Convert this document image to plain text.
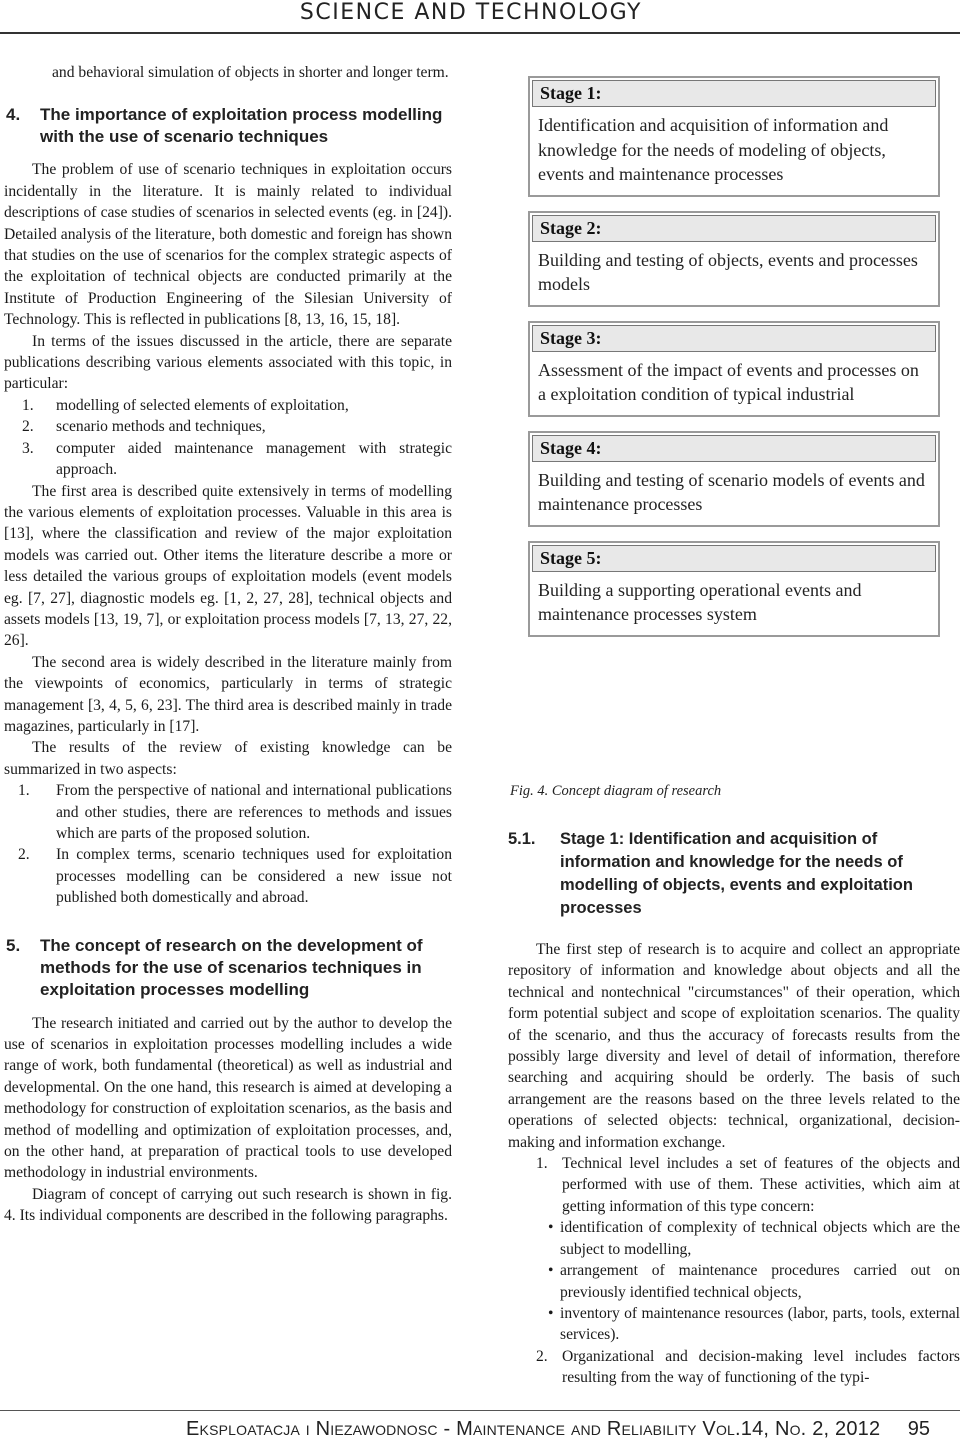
SCIENCE AND TECHNOLOGY

and behavioral simulation of objects in shorter and longer term.

4. The importance of exploitation process modelling with the use of scenario techniques

The problem of use of scenario techniques in exploitation occurs incidentally in the literature. It is mainly related to individual descriptions of case studies of scenarios in selected events (eg. in [24]). Detailed analysis of the literature, both domestic and foreign has shown that studies on the use of scenarios for the complex strategic aspects of the exploitation of technical objects are conducted primarily at the Institute of Production Engineering of the Silesian University of Technology. This is reflected in publications [8, 13, 16, 15, 18].

In terms of the issues discussed in the article, there are separate publications describing various elements associated with this topic, in particular:

1. modelling of selected elements of exploitation,
2. scenario methods and techniques,
3. computer aided maintenance management with strategic approach.

The first area is described quite extensively in terms of modelling the various elements of exploitation processes. Valuable in this area is [13], where the classification and review of the major exploitation models was carried out. Other items the literature describe a more or less detailed the various groups of exploitation models (event models eg. [7, 27], diagnostic models eg. [1, 2, 27, 28], technical objects and assets models [13, 19, 7], or exploitation process models [7, 13, 27, 22, 26].

The second area is widely described in the literature mainly from the viewpoints of economics, particularly in terms of strategic management [3, 4, 5, 6, 23]. The third area is described mainly in trade magazines, particularly in [17].

The results of the review of existing knowledge can be summarized in two aspects:

1. From the perspective of national and international publications and other studies, there are references to methods and issues which are parts of the proposed solution.
2. In complex terms, scenario techniques used for exploitation processes modelling can be considered a new issue not published both domestically and abroad.
5. The concept of research on the development of methods for the use of scenarios techniques in exploitation processes modelling

The research initiated and carried out by the author to develop the use of scenarios in exploitation processes modelling includes a wide range of work, both fundamental (theoretical) as well as industrial and developmental. On the one hand, this research is aimed at developing a methodology for construction of exploitation scenarios, as the basis and method of modelling and optimization of exploitation processes, and, on the other hand, at preparation of practical tools to use developed methodology in industrial environments.

Diagram of concept of carrying out such research is shown in fig. 4. Its individual components are described in the following paragraphs.

Stage 1:
Identification and acquisition of information and knowledge for the needs of modeling of objects, events and maintenance processes
Stage 2:
Building and testing of objects, events and processes models
Stage 3:
Assessment of the impact of events and processes on a exploitation condition of typical industrial
Stage 4:
Building and testing of scenario models of events and maintenance processes
Stage 5:
Building a supporting operational events and maintenance processes system
Fig. 4. Concept diagram of research
5.1. Stage 1: Identification and acquisition of information and knowledge for the needs of modelling of objects, events and exploitation processes

The first step of research is to acquire and collect an appropriate repository of information and knowledge about objects and all the technical and nontechnical "circumstances" of their operation, which form potential subject and scope of exploitation scenarios. The quality of the scenario, and thus the accuracy of forecasts results from the possibly large diversity and level of detail of information, therefore searching and acquiring should be orderly. The basis of such arrangement are the reasons based on the three levels related to the operations of selected objects: technical, organizational, decision-making and information exchange.

1. Technical level includes a set of features of the objects and performed with use of them. These activities, which aim at getting information of this type concern:
• identification of complexity of technical objects which are the subject to modelling,
• arrangement of maintenance procedures carried out on previously identified technical objects,
• inventory of maintenance resources (labor, parts, tools, external services).
2. Organizational and decision-making level includes factors resulting from the way of functioning of the typi-
Eksploatacja i Niezawodnosc - Maintenance and Reliability Vol.14, No. 2, 2012 95
